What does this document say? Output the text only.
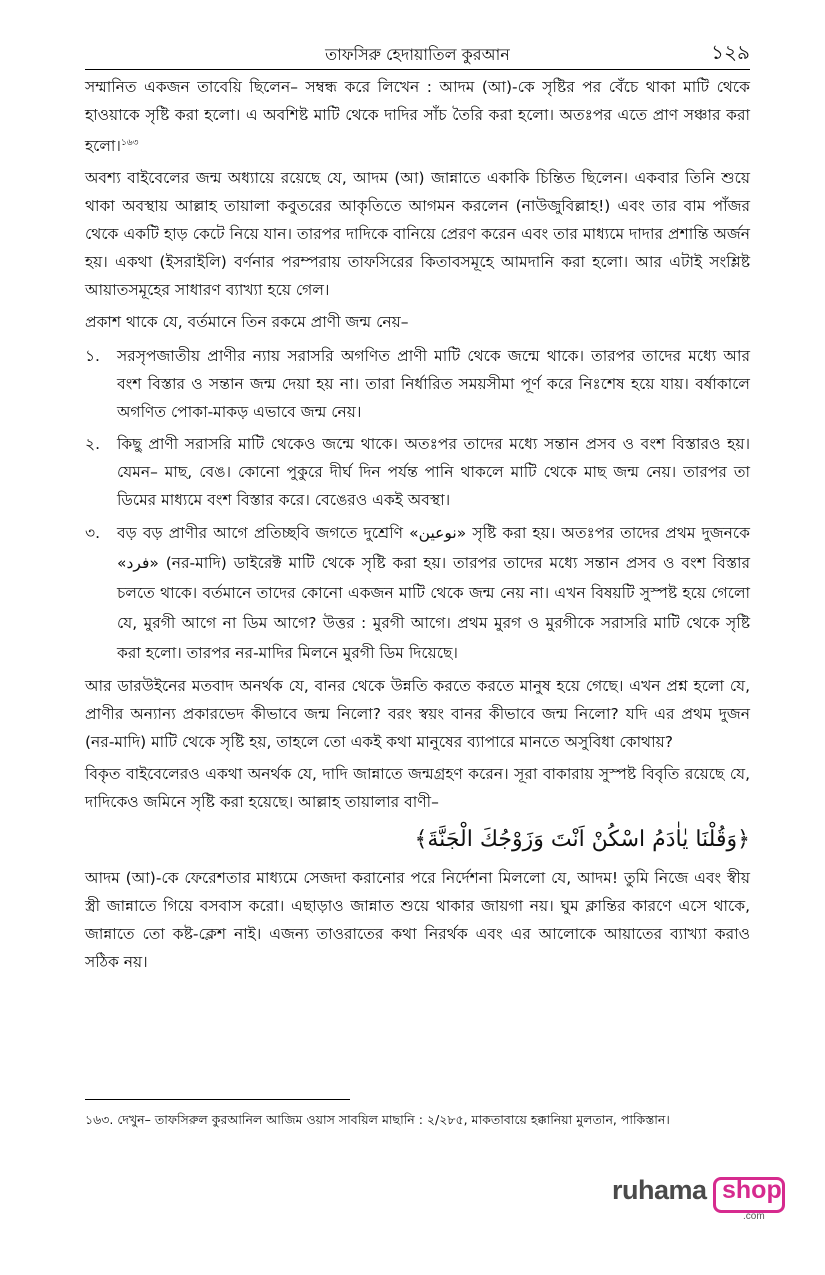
তাফসিরু হেদায়াতিল কুরআন	১২৯

সম্মানিত একজন তাবেয়ি ছিলেন– সম্বন্ধ করে লিখেন : আদম (আ)-কে সৃষ্টির পর বেঁচে থাকা মাটি থেকে হাওয়াকে সৃষ্টি করা হলো। এ অবশিষ্ট মাটি থেকে দাদির সাঁচ তৈরি করা হলো। অতঃপর এতে প্রাণ সঞ্চার করা হলো।$^{১৬৩}$

অবশ্য বাইবেলের জন্ম অধ্যায়ে রয়েছে যে, আদম (আ) জান্নাতে একাকি চিন্তিত ছিলেন। একবার তিনি শুয়ে থাকা অবস্থায় আল্লাহ তায়ালা কবুতরের আকৃতিতে আগমন করলেন (নাউজুবিল্লাহ!) এবং তার বাম পাঁজর থেকে একটি হাড় কেটে নিয়ে যান। তারপর দাদিকে বানিয়ে প্রেরণ করেন এবং তার মাধ্যমে দাদার প্রশান্তি অর্জন হয়। একথা (ইসরাইলি) বর্ণনার পরম্পরায় তাফসিরের কিতাবসমূহে আমদানি করা হলো। আর এটাই সংশ্লিষ্ট আয়াতসমূহের সাধারণ ব্যাখ্যা হয়ে গেল।

প্রকাশ থাকে যে, বর্তমানে তিন রকমে প্রাণী জন্ম নেয়–

১. সরসৃপজাতীয় প্রাণীর ন্যায় সরাসরি অগণিত প্রাণী মাটি থেকে জন্মে থাকে। তারপর তাদের মধ্যে আর বংশ বিস্তার ও সন্তান জন্ম দেয়া হয় না। তারা নির্ধারিত সময়সীমা পূর্ণ করে নিঃশেষ হয়ে যায়। বর্ষাকালে অগণিত পোকা-মাকড় এভাবে জন্ম নেয়।
২. কিছু প্রাণী সরাসরি মাটি থেকেও জন্মে থাকে। অতঃপর তাদের মধ্যে সন্তান প্রসব ও বংশ বিস্তারও হয়। যেমন– মাছ, বেঙ। কোনো পুকুরে দীর্ঘ দিন পর্যন্ত পানি থাকলে মাটি থেকে মাছ জন্ম নেয়। তারপর তা ডিমের মাধ্যমে বংশ বিস্তার করে। বেঙেরও একই অবস্থা।
৩. বড় বড় প্রাণীর আগে প্রতিচ্ছবি জগতে দুশ্রেণি «نوعين» সৃষ্টি করা হয়। অতঃপর তাদের প্রথম দুজনকে «فرد» (নর-মাদি) ডাইরেক্ট মাটি থেকে সৃষ্টি করা হয়। তারপর তাদের মধ্যে সন্তান প্রসব ও বংশ বিস্তার চলতে থাকে। বর্তমানে তাদের কোনো একজন মাটি থেকে জন্ম নেয় না। এখন বিষয়টি সুস্পষ্ট হয়ে গেলো যে, মুরগী আগে না ডিম আগে? উত্তর : মুরগী আগে। প্রথম মুরগ ও মুরগীকে সরাসরি মাটি থেকে সৃষ্টি করা হলো। তারপর নর-মাদির মিলনে মুরগী ডিম দিয়েছে।

আর ডারউইনের মতবাদ অনর্থক যে, বানর থেকে উন্নতি করতে করতে মানুষ হয়ে গেছে। এখন প্রশ্ন হলো যে, প্রাণীর অন্যান্য প্রকারভেদ কীভাবে জন্ম নিলো? বরং স্বয়ং বানর কীভাবে জন্ম নিলো? যদি এর প্রথম দুজন (নর-মাদি) মাটি থেকে সৃষ্টি হয়, তাহলে তো একই কথা মানুষের ব্যাপারে মানতে অসুবিধা কোথায়?

বিকৃত বাইবেলেরও একথা অনর্থক যে, দাদি জান্নাতে জন্মগ্রহণ করেন। সূরা বাকারায় সুস্পষ্ট বিবৃতি রয়েছে যে, দাদিকেও জমিনে সৃষ্টি করা হয়েছে। আল্লাহ তায়ালার বাণী–

﴿وَقُلْنَا يٰاٰدَمُ اسْكُنْ اَنْتَ وَزَوْجُكَ الْجَنَّةَ﴾

আদম (আ)-কে ফেরেশতার মাধ্যমে সেজদা করানোর পরে নির্দেশনা মিললো যে, আদম! তুমি নিজে এবং স্বীয় স্ত্রী জান্নাতে গিয়ে বসবাস করো। এছাড়াও জান্নাত শুয়ে থাকার জায়গা নয়। ঘুম ক্লান্তির কারণে এসে থাকে, জান্নাতে তো কষ্ট-ক্লেশ নাই। এজন্য তাওরাতের কথা নিরর্থক এবং এর আলোকে আয়াতের ব্যাখ্যা করাও সঠিক নয়।

১৬৩. দেখুন– তাফসিরুল কুরআনিল আজিম ওয়াস সাবয়িল মাছানি : ২/২৮৫, মাকতাবায়ে হক্কানিয়া মুলতান, পাকিস্তান।
ruhama shop
.com
